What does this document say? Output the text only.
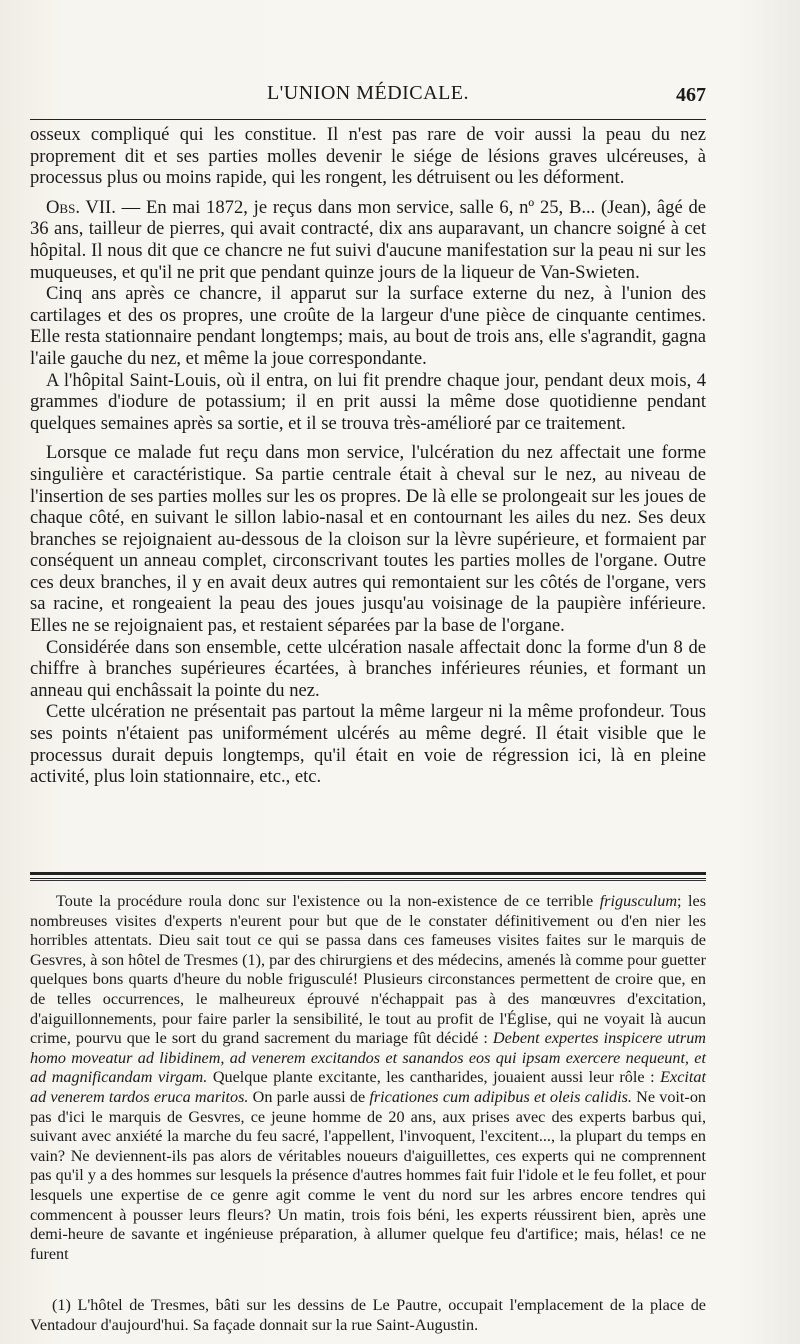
L'UNION MÉDICALE.	467

osseux compliqué qui les constitue. Il n'est pas rare de voir aussi la peau du nez proprement dit et ses parties molles devenir le siége de lésions graves ulcéreuses, à processus plus ou moins rapide, qui les rongent, les détruisent ou les déforment.

Obs. VII. — En mai 1872, je reçus dans mon service, salle 6, nº 25, B... (Jean), âgé de 36 ans, tailleur de pierres, qui avait contracté, dix ans auparavant, un chancre soigné à cet hôpital. Il nous dit que ce chancre ne fut suivi d'aucune manifestation sur la peau ni sur les muqueuses, et qu'il ne prit que pendant quinze jours de la liqueur de Van-Swieten.

Cinq ans après ce chancre, il apparut sur la surface externe du nez, à l'union des cartilages et des os propres, une croûte de la largeur d'une pièce de cinquante centimes. Elle resta stationnaire pendant longtemps; mais, au bout de trois ans, elle s'agrandit, gagna l'aile gauche du nez, et même la joue correspondante.

A l'hôpital Saint-Louis, où il entra, on lui fit prendre chaque jour, pendant deux mois, 4 grammes d'iodure de potassium; il en prit aussi la même dose quotidienne pendant quelques semaines après sa sortie, et il se trouva très-amélioré par ce traitement.

Lorsque ce malade fut reçu dans mon service, l'ulcération du nez affectait une forme singulière et caractéristique. Sa partie centrale était à cheval sur le nez, au niveau de l'insertion de ses parties molles sur les os propres. De là elle se prolongeait sur les joues de chaque côté, en suivant le sillon labio-nasal et en contournant les ailes du nez. Ses deux branches se rejoignaient au-dessous de la cloison sur la lèvre supérieure, et formaient par conséquent un anneau complet, circonscrivant toutes les parties molles de l'organe. Outre ces deux branches, il y en avait deux autres qui remontaient sur les côtés de l'organe, vers sa racine, et rongeaient la peau des joues jusqu'au voisinage de la paupière inférieure. Elles ne se rejoignaient pas, et restaient séparées par la base de l'organe.

Considérée dans son ensemble, cette ulcération nasale affectait donc la forme d'un 8 de chiffre à branches supérieures écartées, à branches inférieures réunies, et formant un anneau qui enchâssait la pointe du nez.

Cette ulcération ne présentait pas partout la même largeur ni la même profondeur. Tous ses points n'étaient pas uniformément ulcérés au même degré. Il était visible que le processus durait depuis longtemps, qu'il était en voie de régression ici, là en pleine activité, plus loin stationnaire, etc., etc.

Toute la procédure roula donc sur l'existence ou la non-existence de ce terrible frigusculum; les nombreuses visites d'experts n'eurent pour but que de le constater définitivement ou d'en nier les horribles attentats. Dieu sait tout ce qui se passa dans ces fameuses visites faites sur le marquis de Gesvres, à son hôtel de Tresmes (1), par des chirurgiens et des médecins, amenés là comme pour guetter quelques bons quarts d'heure du noble frigusculé! Plusieurs circonstances permettent de croire que, en de telles occurrences, le malheureux éprouvé n'échappait pas à des manœuvres d'excitation, d'aiguillonnements, pour faire parler la sensibilité, le tout au profit de l'Église, qui ne voyait là aucun crime, pourvu que le sort du grand sacrement du mariage fût décidé : Debent expertes inspicere utrum homo moveatur ad libidinem, ad venerem excitandos et sanandos eos qui ipsam exercere nequeunt, et ad magnificandam virgam. Quelque plante excitante, les cantharides, jouaient aussi leur rôle : Excitat ad venerem tardos eruca maritos. On parle aussi de fricationes cum adipibus et oleis calidis. Ne voit-on pas d'ici le marquis de Gesvres, ce jeune homme de 20 ans, aux prises avec des experts barbus qui, suivant avec anxiété la marche du feu sacré, l'appellent, l'invoquent, l'excitent..., la plupart du temps en vain? Ne deviennent-ils pas alors de véritables noueurs d'aiguillettes, ces experts qui ne comprennent pas qu'il y a des hommes sur lesquels la présence d'autres hommes fait fuir l'idole et le feu follet, et pour lesquels une expertise de ce genre agit comme le vent du nord sur les arbres encore tendres qui commencent à pousser leurs fleurs? Un matin, trois fois béni, les experts réussirent bien, après une demi-heure de savante et ingénieuse préparation, à allumer quelque feu d'artifice; mais, hélas! ce ne furent

(1) L'hôtel de Tresmes, bâti sur les dessins de Le Pautre, occupait l'emplacement de la place de Ventadour d'aujourd'hui. Sa façade donnait sur la rue Saint-Augustin.
